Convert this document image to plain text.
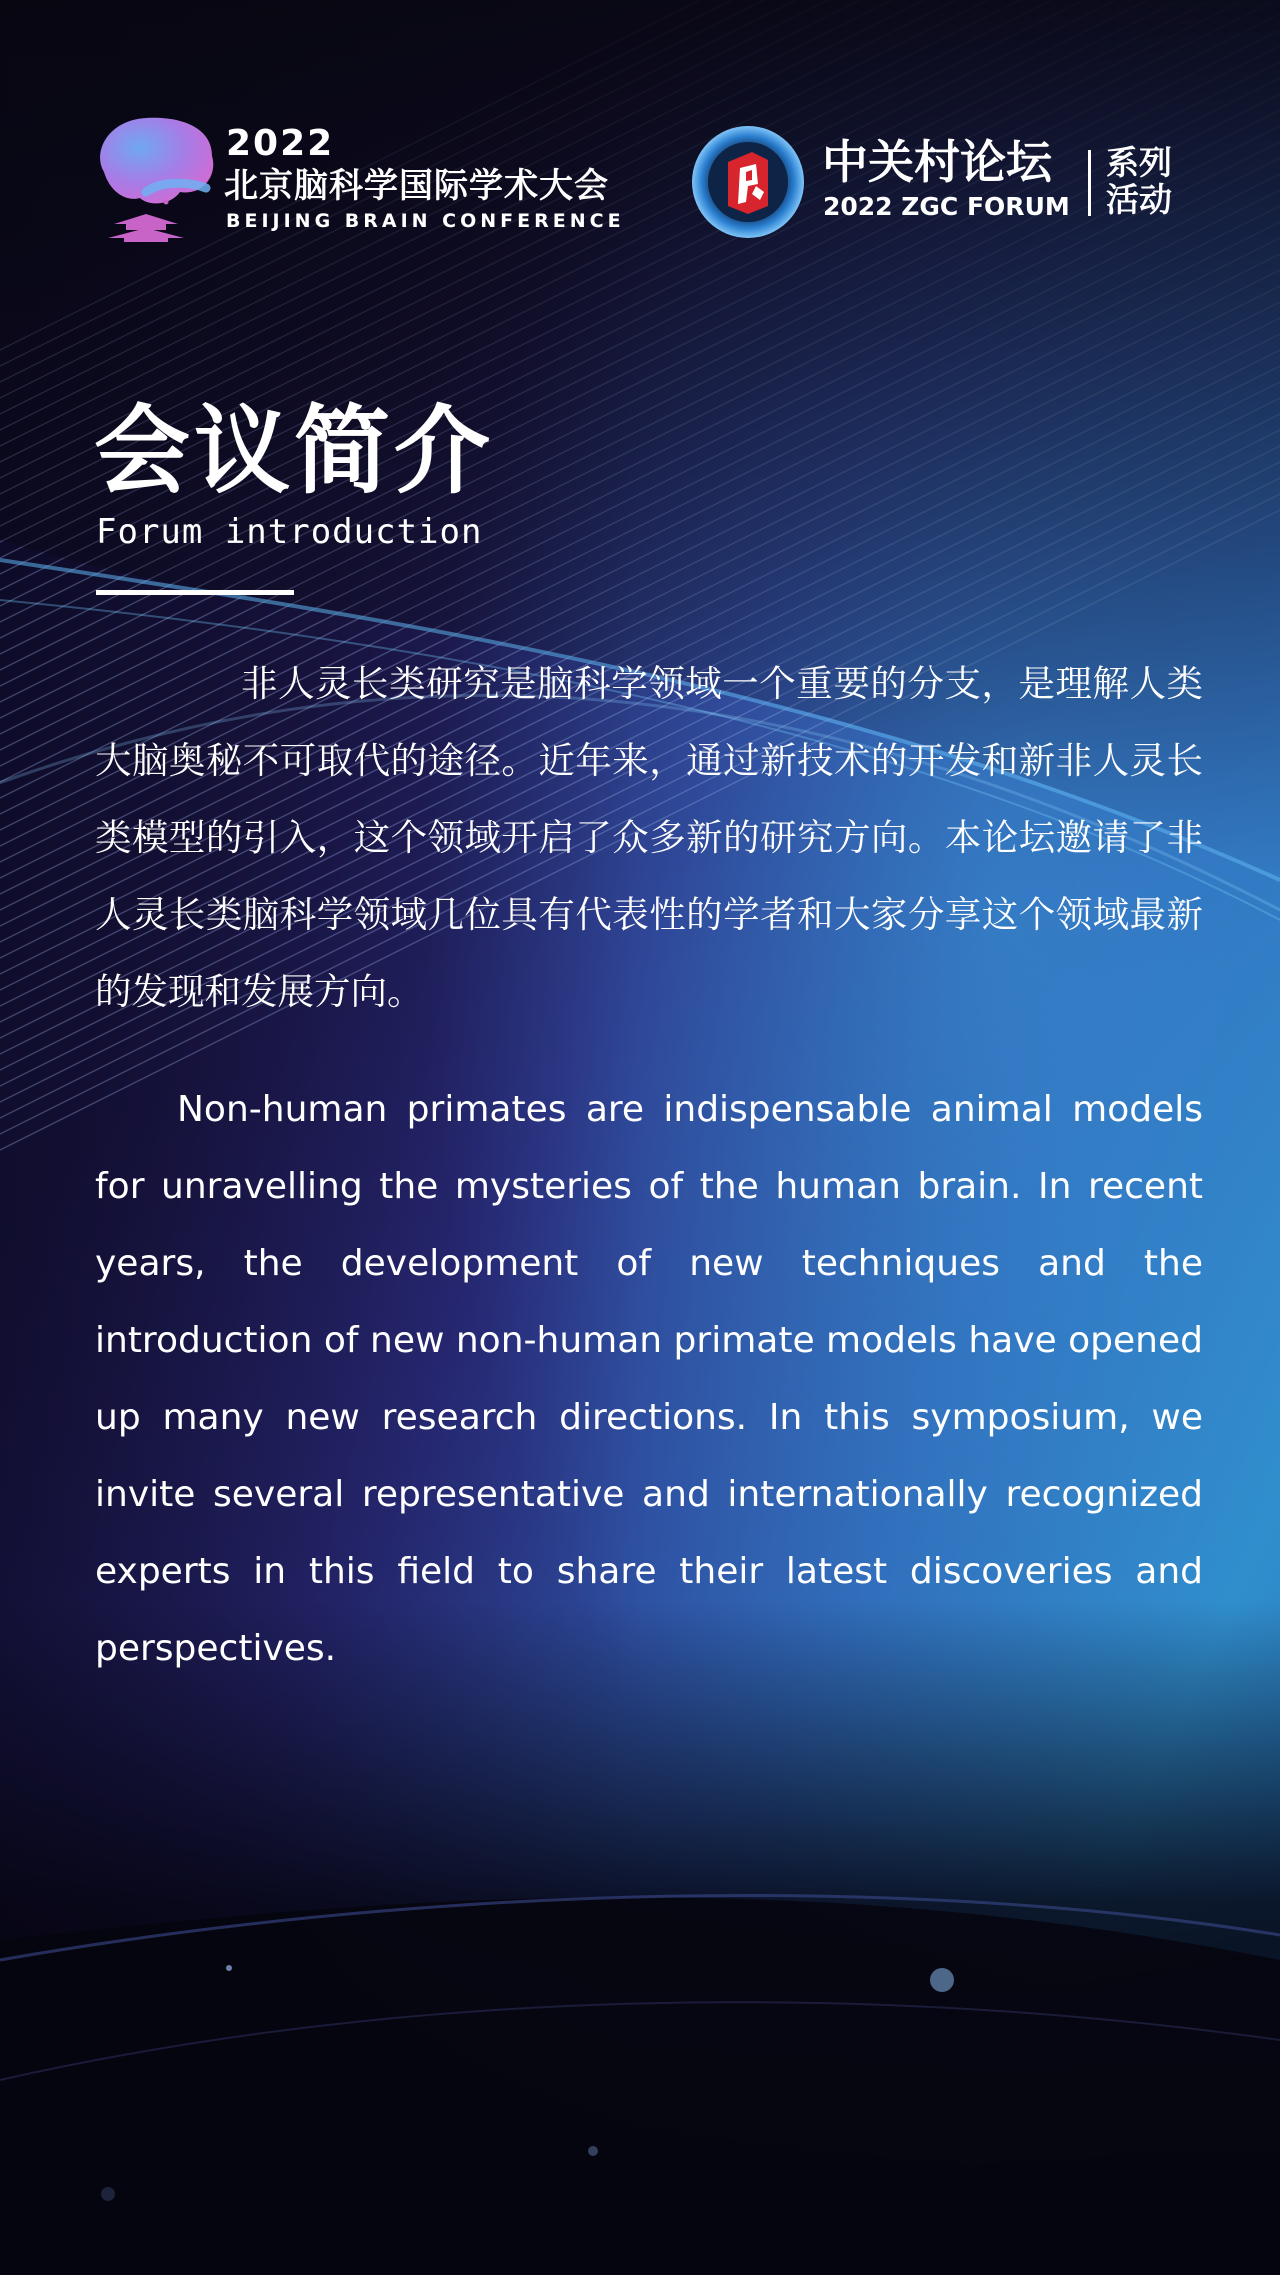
2022
北京脑科学国际学术大会
BEIJING BRAIN CONFERENCE
中关村论坛
2022 ZGC FORUM
系列活动
会议简介
Forum introduction

非人灵长类研究是脑科学领域一个重要的分支，是理解人类大脑奥秘不可取代的途径。近年来，通过新技术的开发和新非人灵长类模型的引入，这个领域开启了众多新的研究方向。本论坛邀请了非人灵长类脑科学领域几位具有代表性的学者和大家分享这个领域最新的发现和发展方向。

Non-human primates are indispensable animal models for unravelling the mysteries of the human brain. In recent years, the development of new techniques and the introduction of new non-human primate models have opened up many new research directions. In this symposium, we invite several representative and internationally recognized experts in this field to share their latest discoveries and perspectives.
